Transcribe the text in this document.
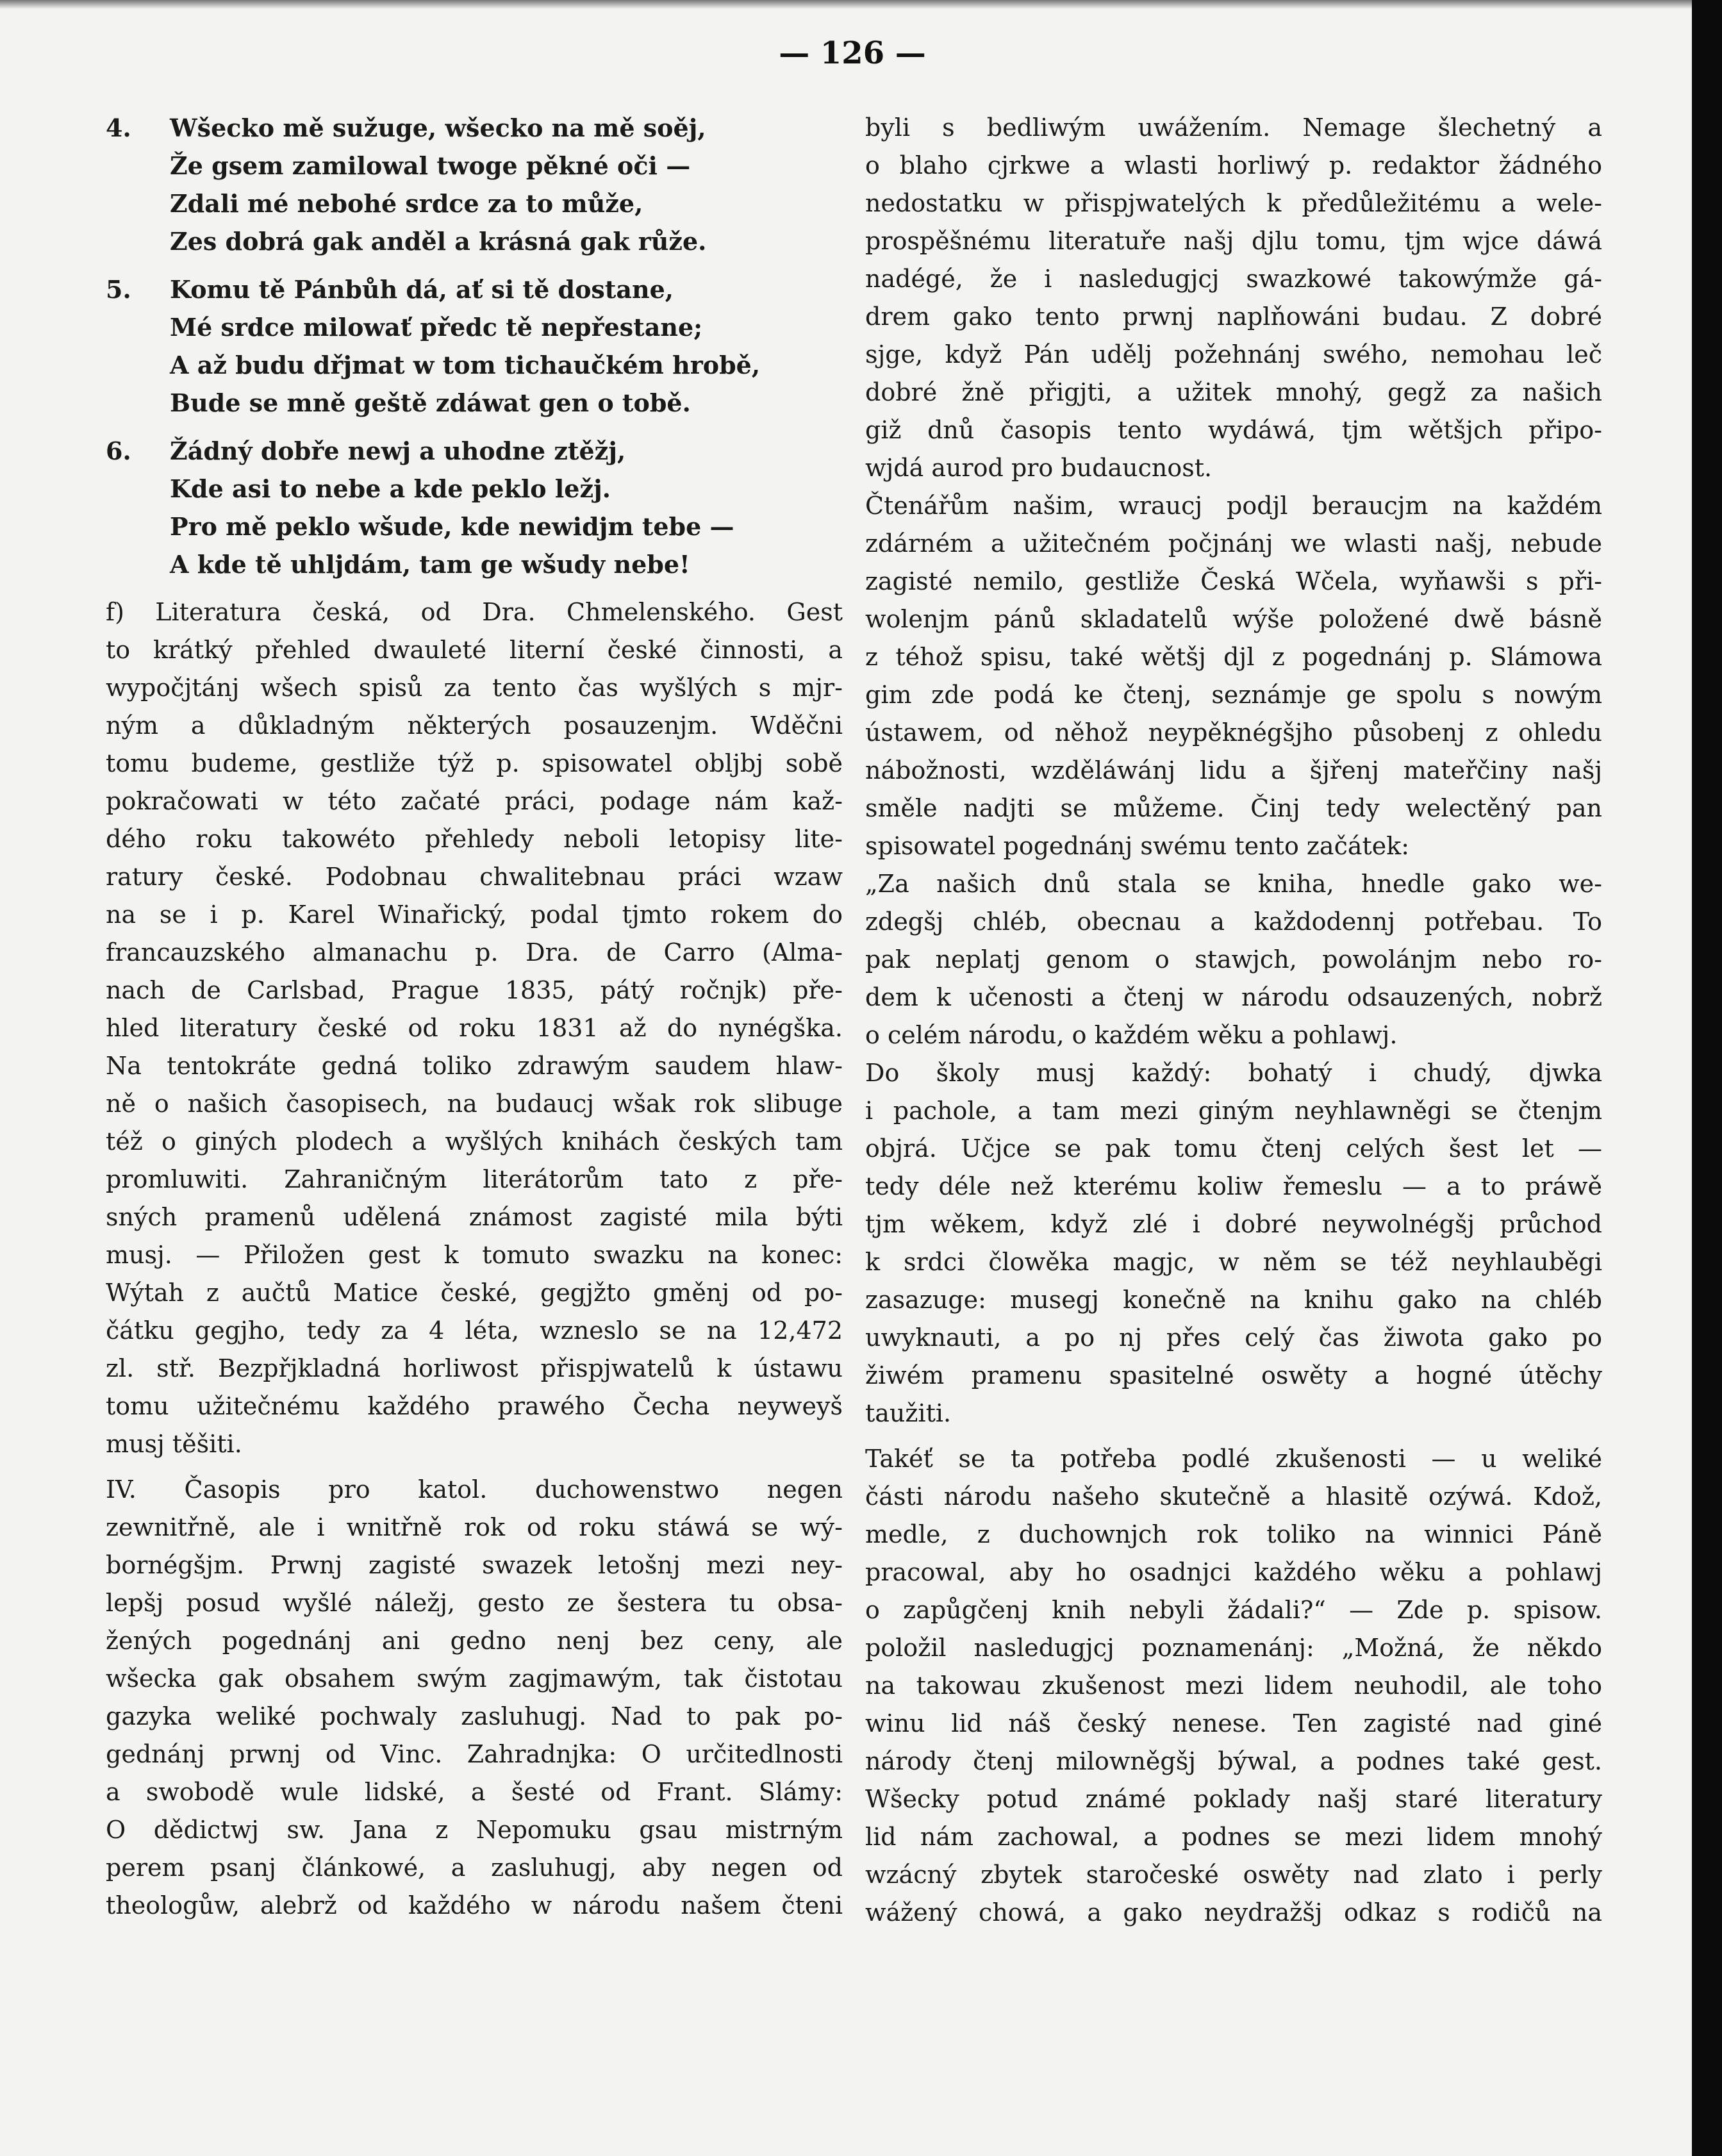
— 126 —
4.	Wšecko mě sužuge, wšecko na mě soěj,
Že gsem zamilowal twoge pěkné oči —
Zdali mé nebohé srdce za to může,
Zes dobrá gak anděl a krásná gak růže.
5.	Komu tě Pánbůh dá, ať si tě dostane,
Mé srdce milowať předc tě nepřestane;
A až budu dřjmat w tom tichaučkém hrobě,
Bude se mně geště zdáwat gen o tobě.
6.	Žádný dobře newj a uhodne ztěžj,
Kde asi to nebe a kde peklo ležj.
Pro mě peklo wšude, kde newidjm tebe —
A kde tě uhljdám, tam ge wšudy nebe!
f) Literatura česká, od Dra. Chmelenského. Gest
to krátký přehled dwauleté literní české činnosti, a
wypočjtánj wšech spisů za tento čas wyšlých s mjr-
ným a důkladným některých posauzenjm. Wděčni
tomu budeme, gestliže týž p. spisowatel obljbj sobě
pokračowati w této začaté práci, podage nám kaž-
dého roku takowéto přehledy neboli letopisy lite-
ratury české. Podobnau chwalitebnau práci wzaw
na se i p. Karel Winařický, podal tjmto rokem do
francauzského almanachu p. Dra. de Carro (Alma-
nach de Carlsbad, Prague 1835, pátý ročnjk) pře-
hled literatury české od roku 1831 až do nynégška.
Na tentokráte gedná toliko zdrawým saudem hlaw-
ně o našich časopisech, na budaucj wšak rok slibuge
též o giných plodech a wyšlých knihách českých tam
promluwiti. Zahraničným literátorům tato z pře-
sných pramenů udělená známost zagisté mila býti
musj. — Přiložen gest k tomuto swazku na konec:
Wýtah z aučtů Matice české, gegjžto gměnj od po-
čátku gegjho, tedy za 4 léta, wzneslo se na 12,472
zl. stř. Bezpřjkladná horliwost přispjwatelů k ústawu
tomu užitečnému každého prawého Čecha neyweyš
musj těšiti.
IV. Časopis pro katol. duchowenstwo negen
zewnitřně, ale i wnitřně rok od roku stáwá se wý-
bornégšjm. Prwnj zagisté swazek letošnj mezi ney-
lepšj posud wyšlé náležj, gesto ze šestera tu obsa-
žených pogednánj ani gedno nenj bez ceny, ale
wšecka gak obsahem swým zagjmawým, tak čistotau
gazyka weliké pochwaly zasluhugj. Nad to pak po-
gednánj prwnj od Vinc. Zahradnjka: O určitedlnosti
a swobodě wule lidské, a šesté od Frant. Slámy:
O dědictwj sw. Jana z Nepomuku gsau mistrným
perem psanj článkowé, a zasluhugj, aby negen od
theologůw, alebrž od každého w národu našem čteni
byli s bedliwým uwážením. Nemage šlechetný a
o blaho cjrkwe a wlasti horliwý p. redaktor žádného
nedostatku w přispjwatelých k předůležitému a wele-
prospěšnému literatuře našj djlu tomu, tjm wjce dáwá
nadégé, že i nasledugjcj swazkowé takowýmže gá-
drem gako tento prwnj naplňowáni budau. Z dobré
sjge, když Pán udělj požehnánj swého, nemohau leč
dobré žně přigjti, a užitek mnohý, gegž za našich
giž dnů časopis tento wydáwá, tjm wětšjch připo-
wjdá aurod pro budaucnost.
Čtenářům našim, wraucj podjl beraucjm na každém
zdárném a užitečném počjnánj we wlasti našj, nebude
zagisté nemilo, gestliže Česká Wčela, wyňawši s při-
wolenjm pánů skladatelů wýše položené dwě básně
z téhož spisu, také wětšj djl z pogednánj p. Slámowa
gim zde podá ke čtenj, seznámje ge spolu s nowým
ústawem, od něhož neypěknégšjho působenj z ohledu
nábožnosti, wzděláwánj lidu a šjřenj mateřčiny našj
směle nadjti se můžeme. Činj tedy welectěný pan
spisowatel pogednánj swému tento začátek:
„Za našich dnů stala se kniha, hnedle gako we-
zdegšj chléb, obecnau a každodennj potřebau. To
pak neplatj genom o stawjch, powolánjm nebo ro-
dem k učenosti a čtenj w národu odsauzených, nobrž
o celém národu, o každém wěku a pohlawj.
Do školy musj každý: bohatý i chudý, djwka
i pachole, a tam mezi giným neyhlawněgi se čtenjm
objrá. Učjce se pak tomu čtenj celých šest let —
tedy déle než kterému koliw řemeslu — a to práwě
tjm wěkem, když zlé i dobré neywolnégšj průchod
k srdci člowěka magjc, w něm se též neyhlauběgi
zasazuge: musegj konečně na knihu gako na chléb
uwyknauti, a po nj přes celý čas žiwota gako po
žiwém pramenu spasitelné oswěty a hogné útěchy
taužiti.
Takéť se ta potřeba podlé zkušenosti — u weliké
části národu našeho skutečně a hlasitě ozýwá. Kdož,
medle, z duchownjch rok toliko na winnici Páně
pracowal, aby ho osadnjci každého wěku a pohlawj
o zapůgčenj knih nebyli žádali?“ — Zde p. spisow.
položil nasledugjcj poznamenánj: „Možná, že někdo
na takowau zkušenost mezi lidem neuhodil, ale toho
winu lid náš český nenese. Ten zagisté nad giné
národy čtenj milowněgšj býwal, a podnes také gest.
Wšecky potud známé poklady našj staré literatury
lid nám zachowal, a podnes se mezi lidem mnohý
wzácný zbytek staročeské oswěty nad zlato i perly
wážený chowá, a gako neydražšj odkaz s rodičů na
